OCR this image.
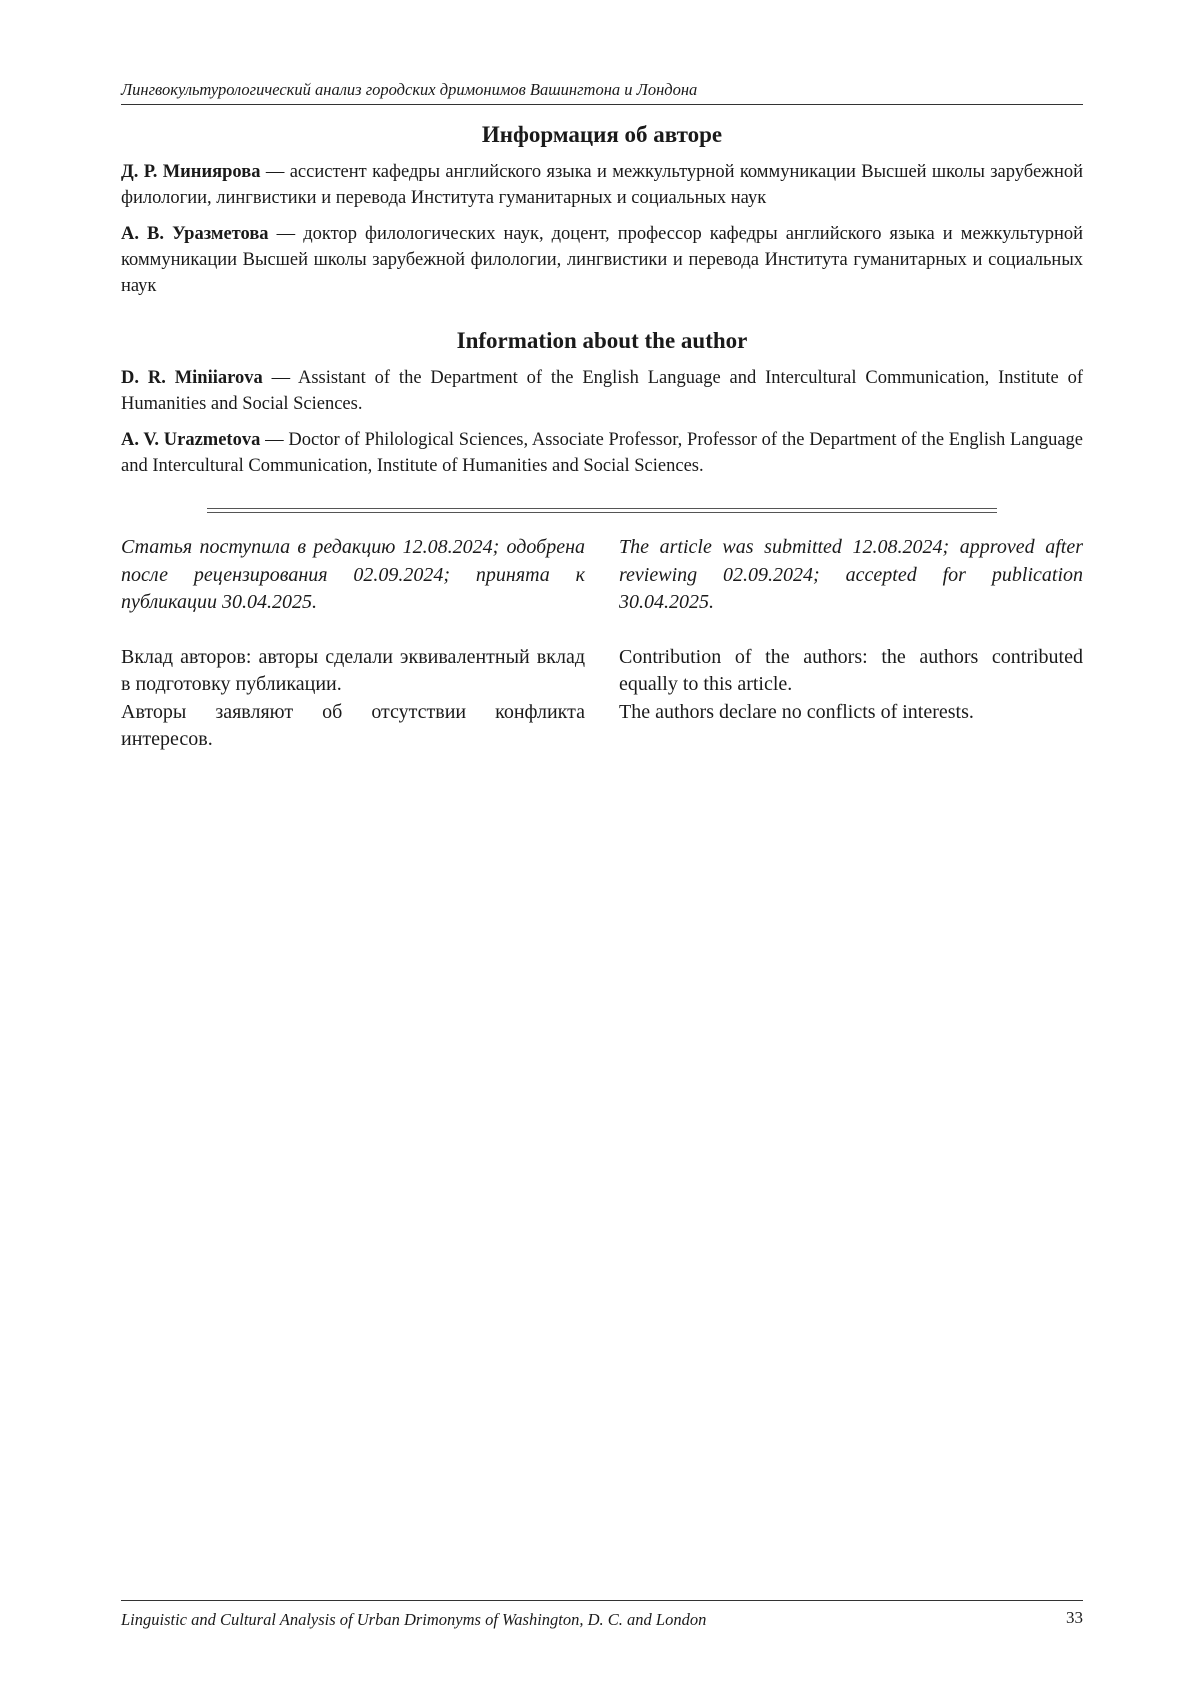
Лингвокультурологический анализ городских дримонимов Вашингтона и Лондона
Информация об авторе

Д. Р. Миниярова — ассистент кафедры английского языка и межкультурной коммуникации Высшей школы зарубежной филологии, лингвистики и перевода Института гуманитарных и социальных наук

А. В. Уразметова — доктор филологических наук, доцент, профессор кафедры английского языка и межкультурной коммуникации Высшей школы зарубежной филологии, лингвистики и перевода Института гуманитарных и социальных наук

Information about the author

D. R. Miniiarova — Assistant of the Department of the English Language and Intercultural Communication, Institute of Humanities and Social Sciences.

A. V. Urazmetova — Doctor of Philological Sciences, Associate Professor, Professor of the Department of the English Language and Intercultural Communication, Institute of Humanities and Social Sciences.

Статья поступила в редакцию 12.08.2024; одобрена после рецензирования 02.09.2024; принята к публикации 30.04.2025.

Вклад авторов: авторы сделали эквивалентный вклад в подготовку публикации.

Авторы заявляют об отсутствии конфликта интересов.

The article was submitted 12.08.2024; approved after reviewing 02.09.2024; accepted for publication 30.04.2025.

Contribution of the authors: the authors contributed equally to this article.

The authors declare no conflicts of interests.

Linguistic and Cultural Analysis of Urban Drimonyms of Washington, D. C. and London	33
